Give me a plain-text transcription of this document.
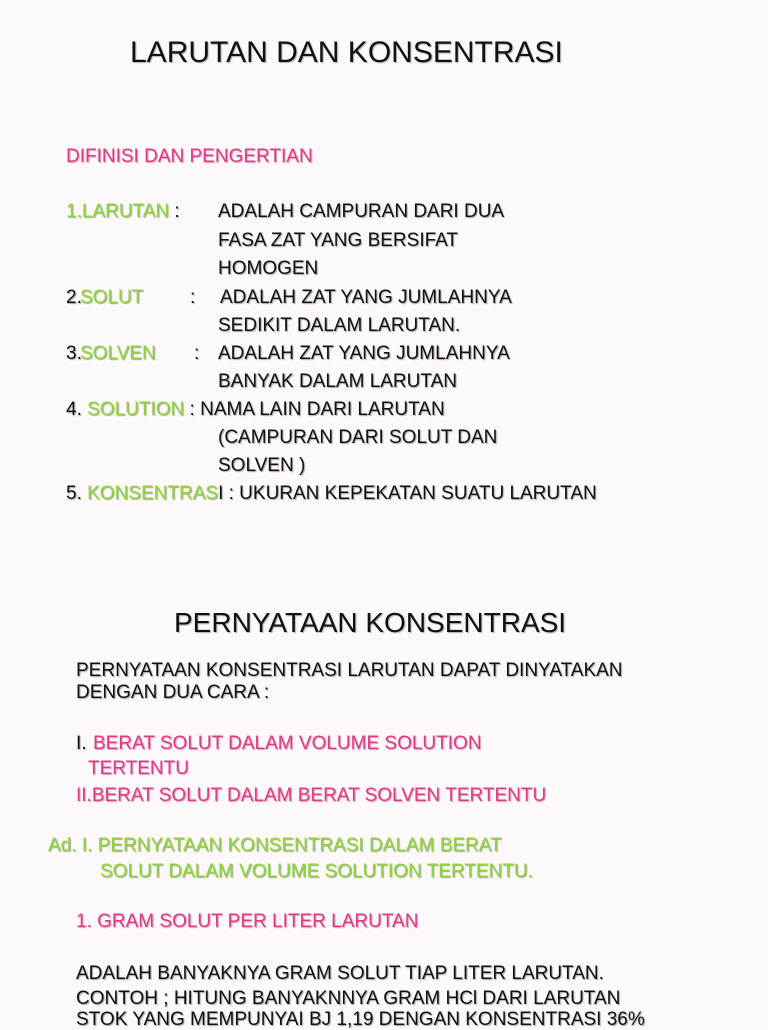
LARUTAN DAN KONSENTRASI
DIFINISI DAN PENGERTIAN
1.LARUTAN : ADALAH CAMPURAN DARI DUA
FASA ZAT YANG BERSIFAT
HOMOGEN
2.
SOLUT : ADALAH ZAT YANG JUMLAHNYA
SEDIKIT DALAM LARUTAN.
3.
SOLVEN : ADALAH ZAT YANG JUMLAHNYA
BANYAK DALAM LARUTAN
4. SOLUTION : NAMA LAIN DARI LARUTAN
(CAMPURAN DARI SOLUT DAN
SOLVEN )
5. KONSENTRASI : UKURAN KEPEKATAN SUATU LARUTAN
PERNYATAAN KONSENTRASI
PERNYATAAN KONSENTRASI LARUTAN DAPAT DINYATAKAN
DENGAN DUA CARA :
I. BERAT SOLUT DALAM VOLUME SOLUTION
TERTENTU
II.BERAT SOLUT DALAM BERAT SOLVEN TERTENTU
Ad. I. PERNYATAAN KONSENTRASI DALAM BERAT
SOLUT DALAM VOLUME SOLUTION TERTENTU.
1. GRAM SOLUT PER LITER LARUTAN
ADALAH BANYAKNYA GRAM SOLUT TIAP LITER LARUTAN.
CONTOH ; HITUNG BANYAKNNYA GRAM HCl DARI LARUTAN
STOK YANG MEMPUNYAI BJ 1,19 DENGAN KONSENTRASI 36%
